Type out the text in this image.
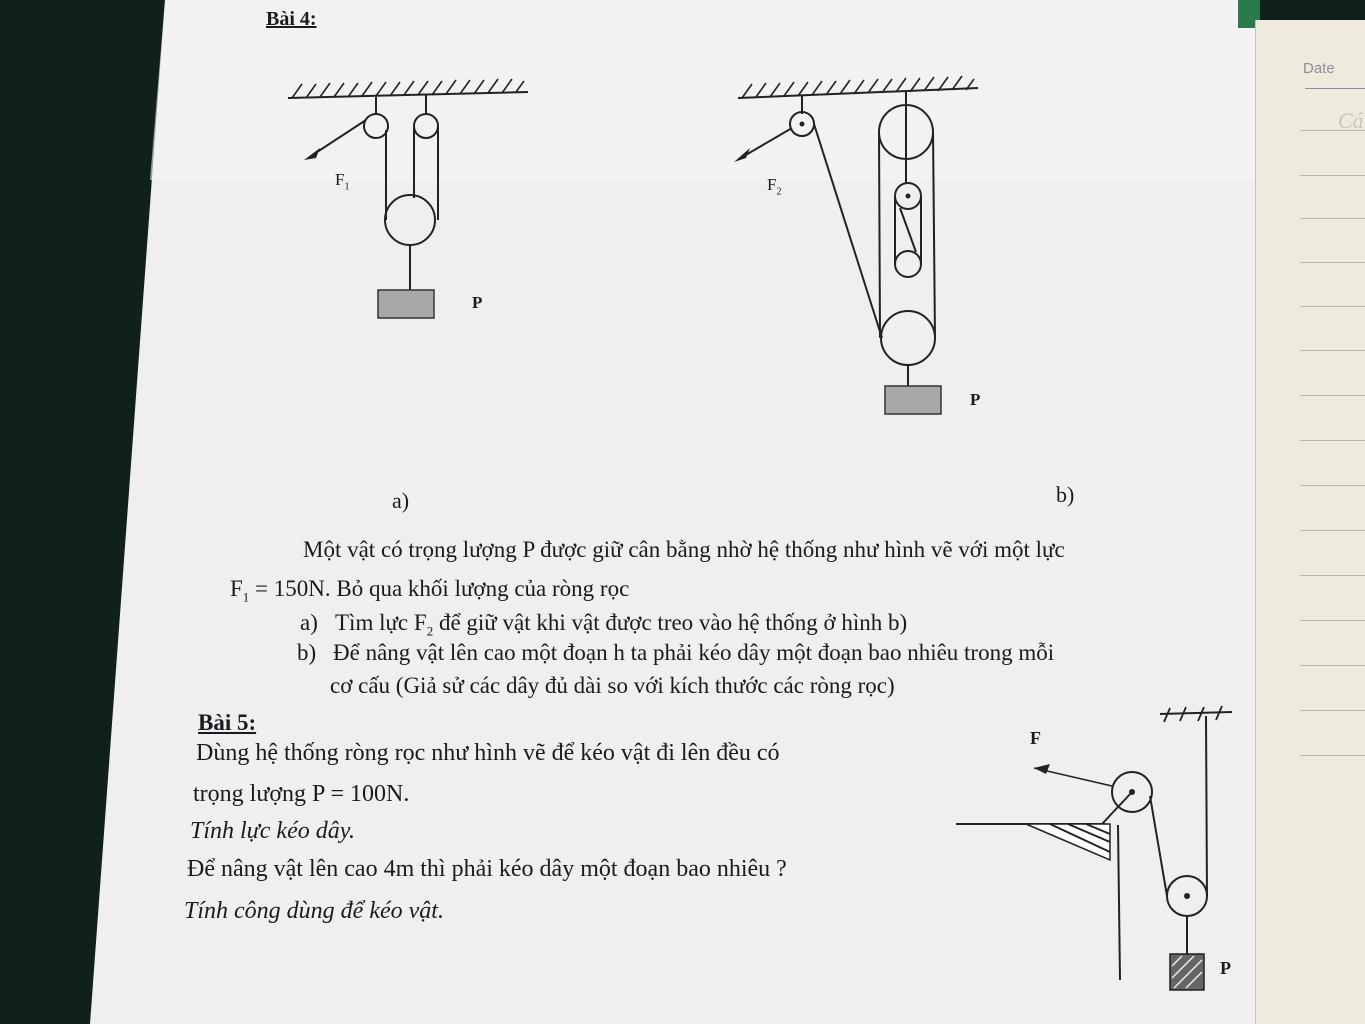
Date
Cá
Bài 4:
$F_1$
P
a)
$F_2$
P
b)
Một vật có trọng lượng P được giữ cân bằng nhờ hệ thống như hình vẽ với một lực
$F_1 = 150N$. Bỏ qua khối lượng của ròng rọc
a) Tìm lực $F_2$ để giữ vật khi vật được treo vào hệ thống ở hình b)
b) Để nâng vật lên cao một đoạn h ta phải kéo dây một đoạn bao nhiêu trong mỗi
cơ cấu (Giả sử các dây đủ dài so với kích thước các ròng rọc)
Bài 5:
Dùng hệ thống ròng rọc như hình vẽ để kéo vật đi lên đều có
trọng lượng P = 100N.
Tính lực kéo dây.
Để nâng vật lên cao 4m thì phải kéo dây một đoạn bao nhiêu ?
Tính công dùng để kéo vật.
F
P
